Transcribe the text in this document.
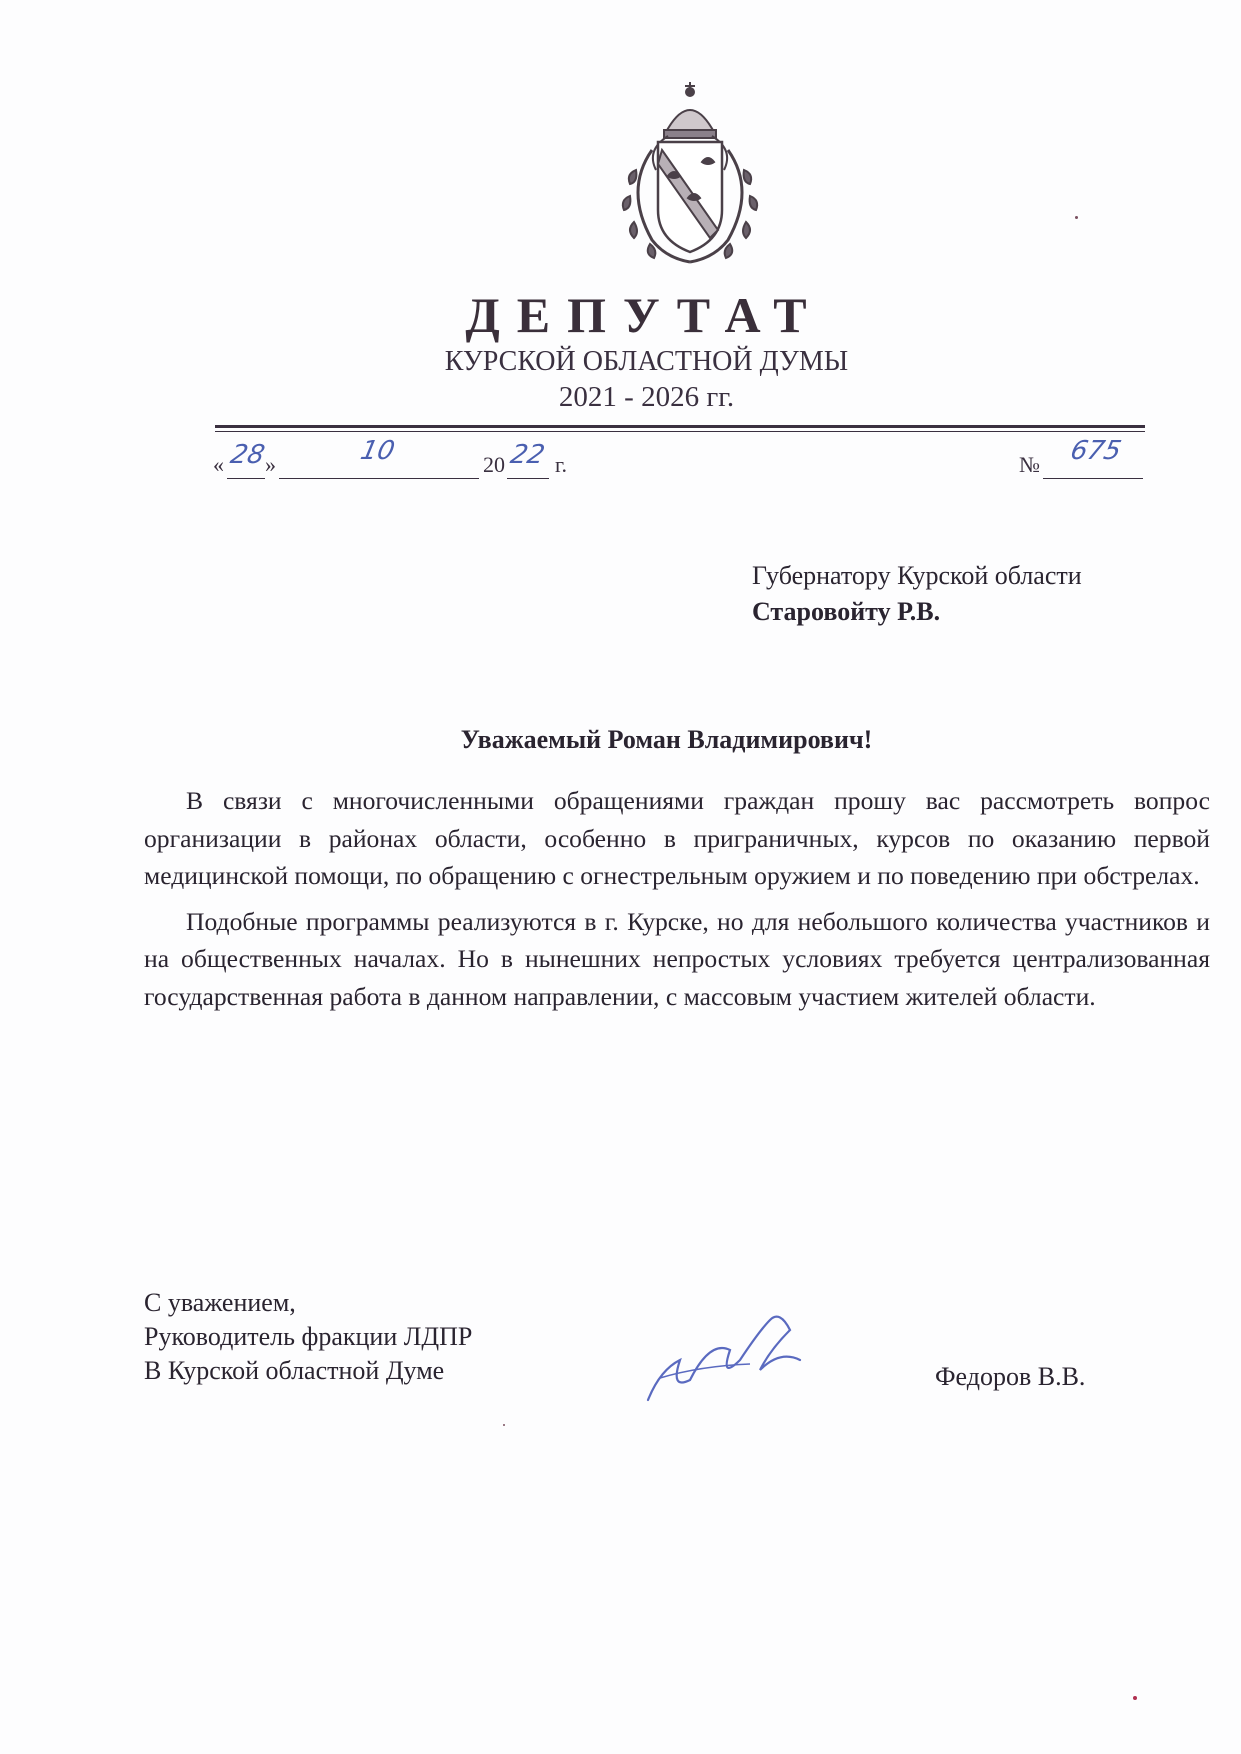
ДЕПУТАТ
КУРСКОЙ ОБЛАСТНОЙ ДУМЫ
2021 - 2026 гг.
« 28
»	10	20 22 г.	№ 675
Губернатору Курской области
Старовойту Р.В.
Уважаемый Роман Владимирович!

В связи с многочисленными обращениями граждан прошу вас рассмотреть вопрос организации в районах области, особенно в приграничных, курсов по оказанию первой медицинской помощи, по обращению с огнестрельным оружием и по поведению при обстрелах.

Подобные программы реализуются в г. Курске, но для небольшого количества участников и на общественных началах. Но в нынешних непростых условиях требуется централизованная государственная работа в данном направлении, с массовым участием жителей области.

С уважением,
Руководитель фракции ЛДПР
В Курской областной Думе	Федоров В.В.
